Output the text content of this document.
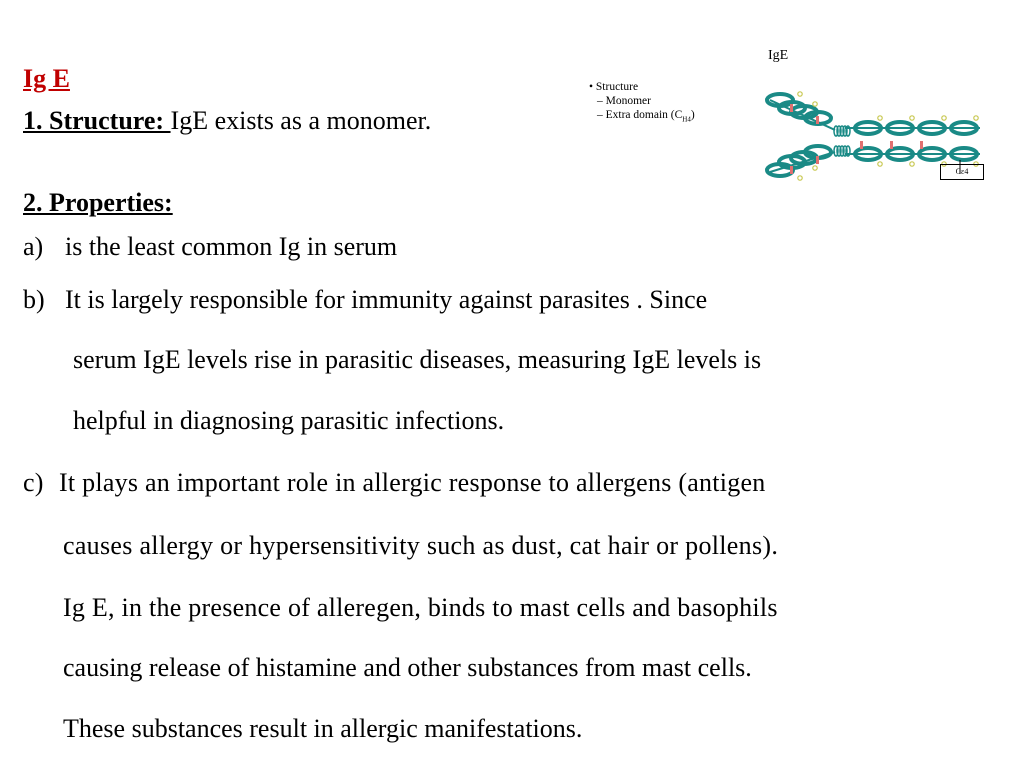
Ig E
1. Structure: IgE exists as a monomer.
2. Properties:
a) is the least common Ig in serum
b) It is largely responsible for immunity against parasites . Since
serum IgE levels rise in parasitic diseases, measuring IgE levels is
helpful in diagnosing parasitic infections.
c) It plays an important role in allergic response to allergens (antigen
causes allergy or hypersensitivity such as dust, cat hair or pollens).
Ig E, in the presence of alleregen, binds to mast cells and basophils
causing release of histamine and other substances from mast cells.
These substances result in allergic manifestations.
IgE
• Structure
– Monomer
– Extra domain $(C_{H4})$
Cε4
